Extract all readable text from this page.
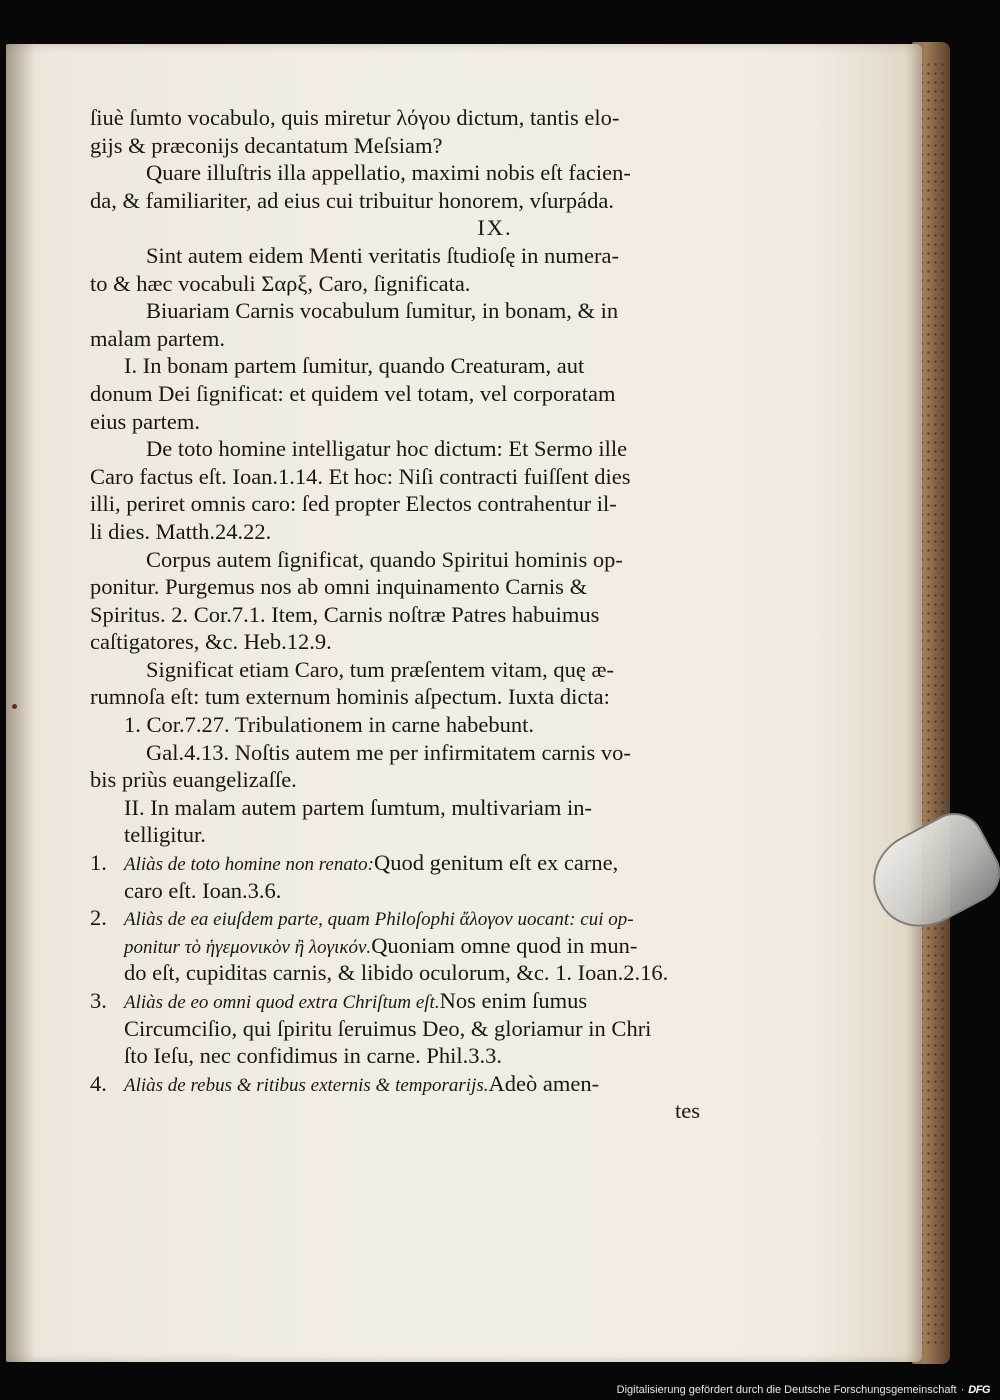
ſiuè ſumto vocabulo, quis miretur λόγου dictum, tantis elo-
gijs & præconijs decantatum Meſsiam?
Quare illuſtris illa appellatio, maximi nobis eſt facien-
da, & familiariter, ad eius cui tribuitur honorem, vſurpáda.
IX.
Sint autem eidem Menti veritatis ſtudioſę in numera-
to & hæc vocabuli Σαρξ, Caro, ſignificata.
Biuariam Carnis vocabulum ſumitur, in bonam, & in
malam partem.
I. In bonam partem ſumitur, quando Creaturam, aut
donum Dei ſignificat: et quidem vel totam, vel corporatam
eius partem.
De toto homine intelligatur hoc dictum: Et Sermo ille
Caro factus eſt. Ioan.1.14. Et hoc: Niſi contracti fuiſſent dies
illi, periret omnis caro: ſed propter Electos contrahentur il-
li dies. Matth.24.22.
Corpus autem ſignificat, quando Spiritui hominis op-
ponitur. Purgemus nos ab omni inquinamento Carnis &
Spiritus. 2. Cor.7.1. Item, Carnis noſtræ Patres habuimus
caſtigatores, &c. Heb.12.9.
Significat etiam Caro, tum præſentem vitam, quę æ-
rumnoſa eſt: tum externum hominis aſpectum. Iuxta dicta:
1. Cor.7.27. Tribulationem in carne habebunt.
Gal.4.13. Noſtis autem me per infirmitatem carnis vo-
bis priùs euangelizaſſe.
II. In malam autem partem ſumtum, multivariam in-
telligitur.
1. Aliàs de toto homine non renato: Quod genitum eſt ex carne,
caro eſt. Ioan.3.6.
2. Aliàs de ea eiuſdem parte, quam Philoſophi ἄλογον uocant: cui op-
ponitur τὸ ἡγεμονικὸν ἢ λογικόν. Quoniam omne quod in mun-
do eſt, cupiditas carnis, & libido oculorum, &c. 1. Ioan.2.16.
3. Aliàs de eo omni quod extra Chriſtum eſt. Nos enim ſumus
Circumciſio, qui ſpiritu ſeruimus Deo, & gloriamur in Chri
ſto Ieſu, nec confidimus in carne. Phil.3.3.
4. Aliàs de rebus & ritibus externis & temporarijs. Adeò amen-
tes
Digitalisierung gefördert durch die Deutsche Forschungsgemeinschaft · DFG
